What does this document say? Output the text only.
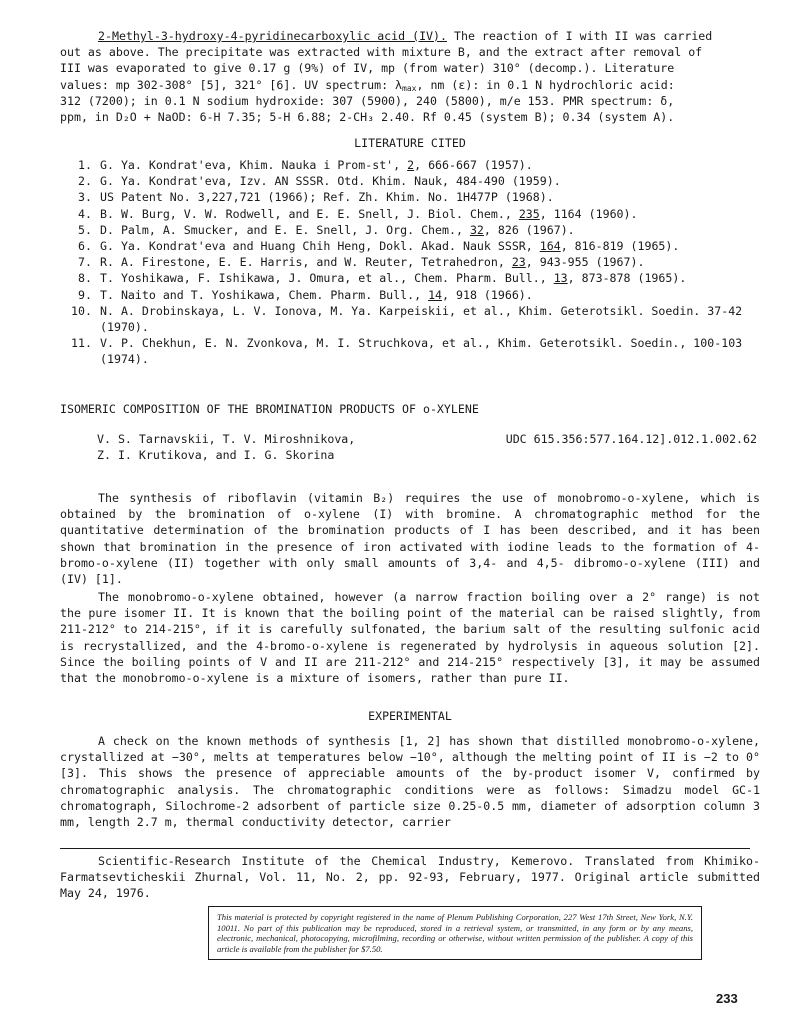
2-Methyl-3-hydroxy-4-pyridinecarboxylic acid (IV). The reaction of I with II was carried

out as above. The precipitate was extracted with mixture B, and the extract after removal of

III was evaporated to give 0.17 g (9%) of IV, mp (from water) 310° (decomp.). Literature

values: mp 302-308° [5], 321° [6]. UV spectrum: $\lambda_{max}$, nm (ε): in 0.1 N hydrochloric acid:

312 (7200); in 0.1 N sodium hydroxide: 307 (5900), 240 (5800), m/e 153. PMR spectrum: δ,

ppm, in D₂O + NaOD: 6-H 7.35; 5-H 6.88; 2-CH₃ 2.40. Rf 0.45 (system B); 0.34 (system A).

LITERATURE CITED
1. G. Ya. Kondrat'eva, Khim. Nauka i Prom-st', 2, 666-667 (1957).
2. G. Ya. Kondrat'eva, Izv. AN SSSR. Otd. Khim. Nauk, 484-490 (1959).
3. US Patent No. 3,227,721 (1966); Ref. Zh. Khim. No. 1H477P (1968).
4. B. W. Burg, V. W. Rodwell, and E. E. Snell, J. Biol. Chem., 235, 1164 (1960).
5. D. Palm, A. Smucker, and E. E. Snell, J. Org. Chem., 32, 826 (1967).
6. G. Ya. Kondrat'eva and Huang Chih Heng, Dokl. Akad. Nauk SSSR, 164, 816-819 (1965).
7. R. A. Firestone, E. E. Harris, and W. Reuter, Tetrahedron, 23, 943-955 (1967).
8. T. Yoshikawa, F. Ishikawa, J. Omura, et al., Chem. Pharm. Bull., 13, 873-878 (1965).
9. T. Naito and T. Yoshikawa, Chem. Pharm. Bull., 14, 918 (1966).
10. N. A. Drobinskaya, L. V. Ionova, M. Ya. Karpeiskii, et al., Khim. Geterotsikl. Soedin. 37-42 (1970).
11. V. P. Chekhun, E. N. Zvonkova, M. I. Struchkova, et al., Khim. Geterotsikl. Soedin., 100-103 (1974).
ISOMERIC COMPOSITION OF THE BROMINATION PRODUCTS OF o-XYLENE
V. S. Tarnavskii, T. V. Miroshnikova,	UDC 615.356:577.164.12].012.1.002.62
Z. I. Krutikova, and I. G. Skorina

The synthesis of riboflavin (vitamin B₂) requires the use of monobromo-o-xylene, which is obtained by the bromination of o-xylene (I) with bromine. A chromatographic method for the quantitative determination of the bromination products of I has been described, and it has been shown that bromination in the presence of iron activated with iodine leads to the formation of 4-bromo-o-xylene (II) together with only small amounts of 3,4- and 4,5- dibromo-o-xylene (III) and (IV) [1].

The monobromo-o-xylene obtained, however (a narrow fraction boiling over a 2° range) is not the pure isomer II. It is known that the boiling point of the material can be raised slightly, from 211-212° to 214-215°, if it is carefully sulfonated, the barium salt of the resulting sulfonic acid is recrystallized, and the 4-bromo-o-xylene is regenerated by hydrolysis in aqueous solution [2]. Since the boiling points of V and II are 211-212° and 214-215° respectively [3], it may be assumed that the monobromo-o-xylene is a mixture of isomers, rather than pure II.

EXPERIMENTAL

A check on the known methods of synthesis [1, 2] has shown that distilled monobromo-o-xylene, crystallized at −30°, melts at temperatures below −10°, although the melting point of II is −2 to 0° [3]. This shows the presence of appreciable amounts of the by-product isomer V, confirmed by chromatographic analysis. The chromatographic conditions were as follows: Simadzu model GC-1 chromatograph, Silochrome-2 adsorbent of particle size 0.25-0.5 mm, diameter of adsorption column 3 mm, length 2.7 m, thermal conductivity detector, carrier

Scientific-Research Institute of the Chemical Industry, Kemerovo. Translated from Khimiko-Farmatsevticheskii Zhurnal, Vol. 11, No. 2, pp. 92-93, February, 1977. Original article submitted May 24, 1976.

This material is protected by copyright registered in the name of Plenum Publishing Corporation, 227 West 17th Street, New York, N.Y. 10011. No part of this publication may be reproduced, stored in a retrieval system, or transmitted, in any form or by any means, electronic, mechanical, photocopying, microfilming, recording or otherwise, without written permission of the publisher. A copy of this article is available from the publisher for $7.50.
233
